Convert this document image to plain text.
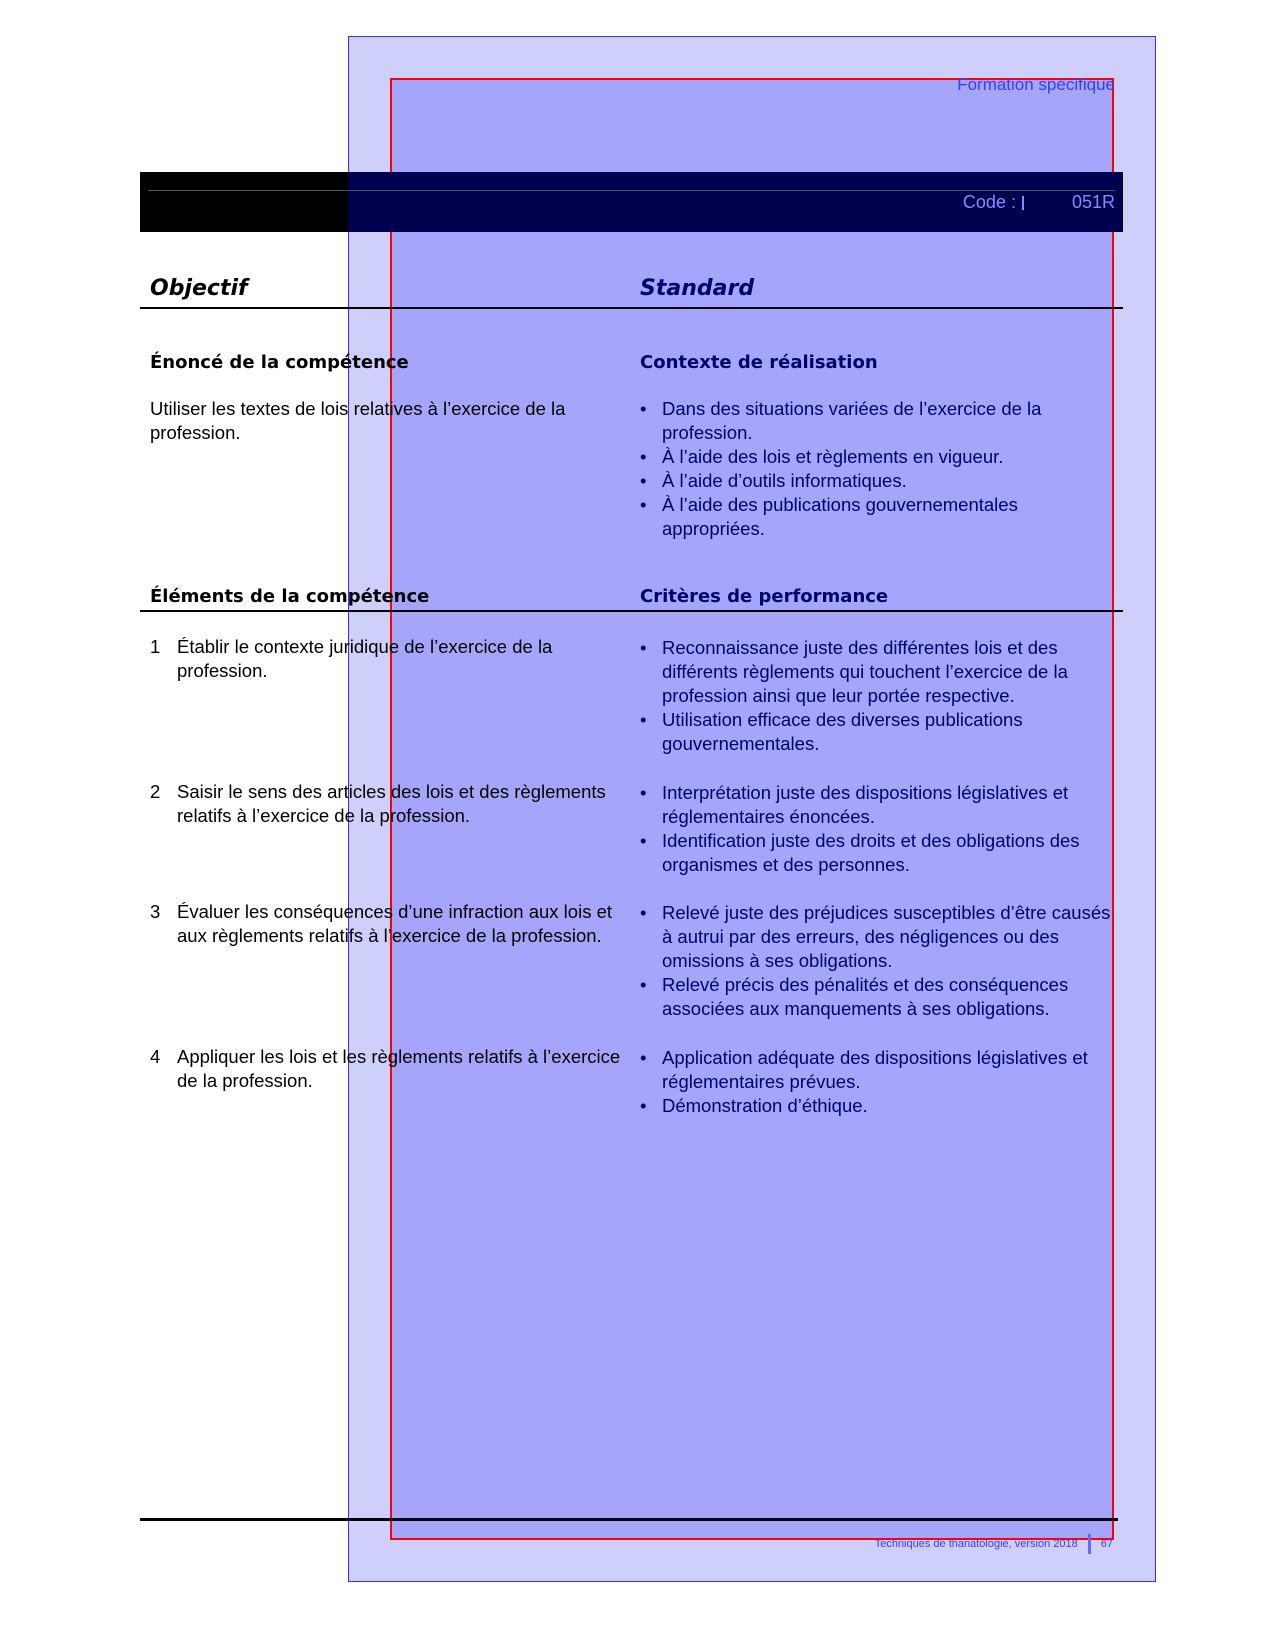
Formation spécifique
Code :	051R
Objectif	Standard
Énoncé de la compétence	Contexte de réalisation
Utiliser les textes de lois relatives à l’exercice de la profession.
• Dans des situations variées de l’exercice de la profession.
• À l’aide des lois et règlements en vigueur.
• À l’aide d’outils informatiques.
• À l’aide des publications gouvernementales appropriées.
Éléments de la compétence	Critères de performance
1 Établir le contexte juridique de l’exercice de la profession.
• Reconnaissance juste des différentes lois et des différents règlements qui touchent l’exercice de la profession ainsi que leur portée respective.
• Utilisation efficace des diverses publications gouvernementales.
2 Saisir le sens des articles des lois et des règlements relatifs à l’exercice de la profession.
• Interprétation juste des dispositions législatives et réglementaires énoncées.
• Identification juste des droits et des obligations des organismes et des personnes.
3 Évaluer les conséquences d’une infraction aux lois et aux règlements relatifs à l’exercice de la profession.
• Relevé juste des préjudices susceptibles d’être causés à autrui par des erreurs, des négligences ou des omissions à ses obligations.
• Relevé précis des pénalités et des conséquences associées aux manquements à ses obligations.
4 Appliquer les lois et les règlements relatifs à l’exercice de la profession.
• Application adéquate des dispositions législatives et réglementaires prévues.
• Démonstration d’éthique.
Techniques de thanatologie, version 2018 67
